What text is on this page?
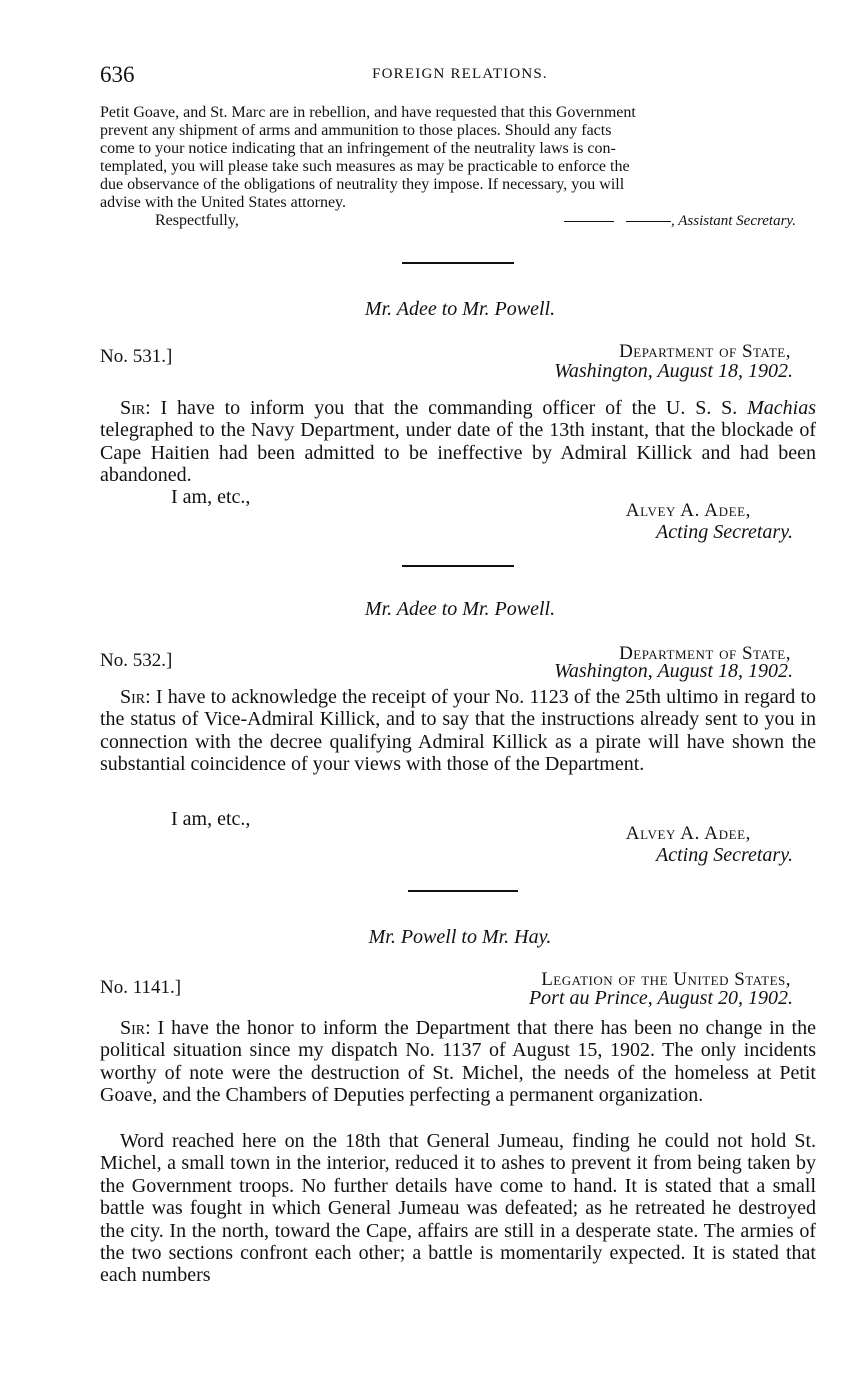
636	FOREIGN RELATIONS.
Petit Goave, and St. Marc are in rebellion, and have requested that this Government
prevent any shipment of arms and ammunition to those places. Should any facts
come to your notice indicating that an infringement of the neutrality laws is con-
templated, you will please take such measures as may be practicable to enforce the
due observance of the obligations of neutrality they impose. If necessary, you will
advise with the United States attorney.
Respectfully,	, Assistant Secretary.
Mr. Adee to Mr. Powell.
No. 531.]	Department of State,
Washington, August 18, 1902.
Sir: I have to inform you that the commanding officer of the U. S. S. Machias telegraphed to the Navy Department, under date of the 13th instant, that the blockade of Cape Haitien had been admitted to be ineffective by Admiral Killick and had been abandoned.
I am, etc.,
Alvey A. Adee,
Acting Secretary.
Mr. Adee to Mr. Powell.
No. 532.]	Department of State,
Washington, August 18, 1902.
Sir: I have to acknowledge the receipt of your No. 1123 of the 25th ultimo in regard to the status of Vice-Admiral Killick, and to say that the instructions already sent to you in connection with the decree qualifying Admiral Killick as a pirate will have shown the substantial coincidence of your views with those of the Department.
I am, etc.,
Alvey A. Adee,
Acting Secretary.
Mr. Powell to Mr. Hay.
No. 1141.]	Legation of the United States,
Port au Prince, August 20, 1902.
Sir: I have the honor to inform the Department that there has been no change in the political situation since my dispatch No. 1137 of August 15, 1902. The only incidents worthy of note were the destruction of St. Michel, the needs of the homeless at Petit Goave, and the Chambers of Deputies perfecting a permanent organization.
Word reached here on the 18th that General Jumeau, finding he could not hold St. Michel, a small town in the interior, reduced it to ashes to prevent it from being taken by the Government troops. No further details have come to hand. It is stated that a small battle was fought in which General Jumeau was defeated; as he retreated he destroyed the city. In the north, toward the Cape, affairs are still in a desperate state. The armies of the two sections confront each other; a battle is momentarily expected. It is stated that each numbers
